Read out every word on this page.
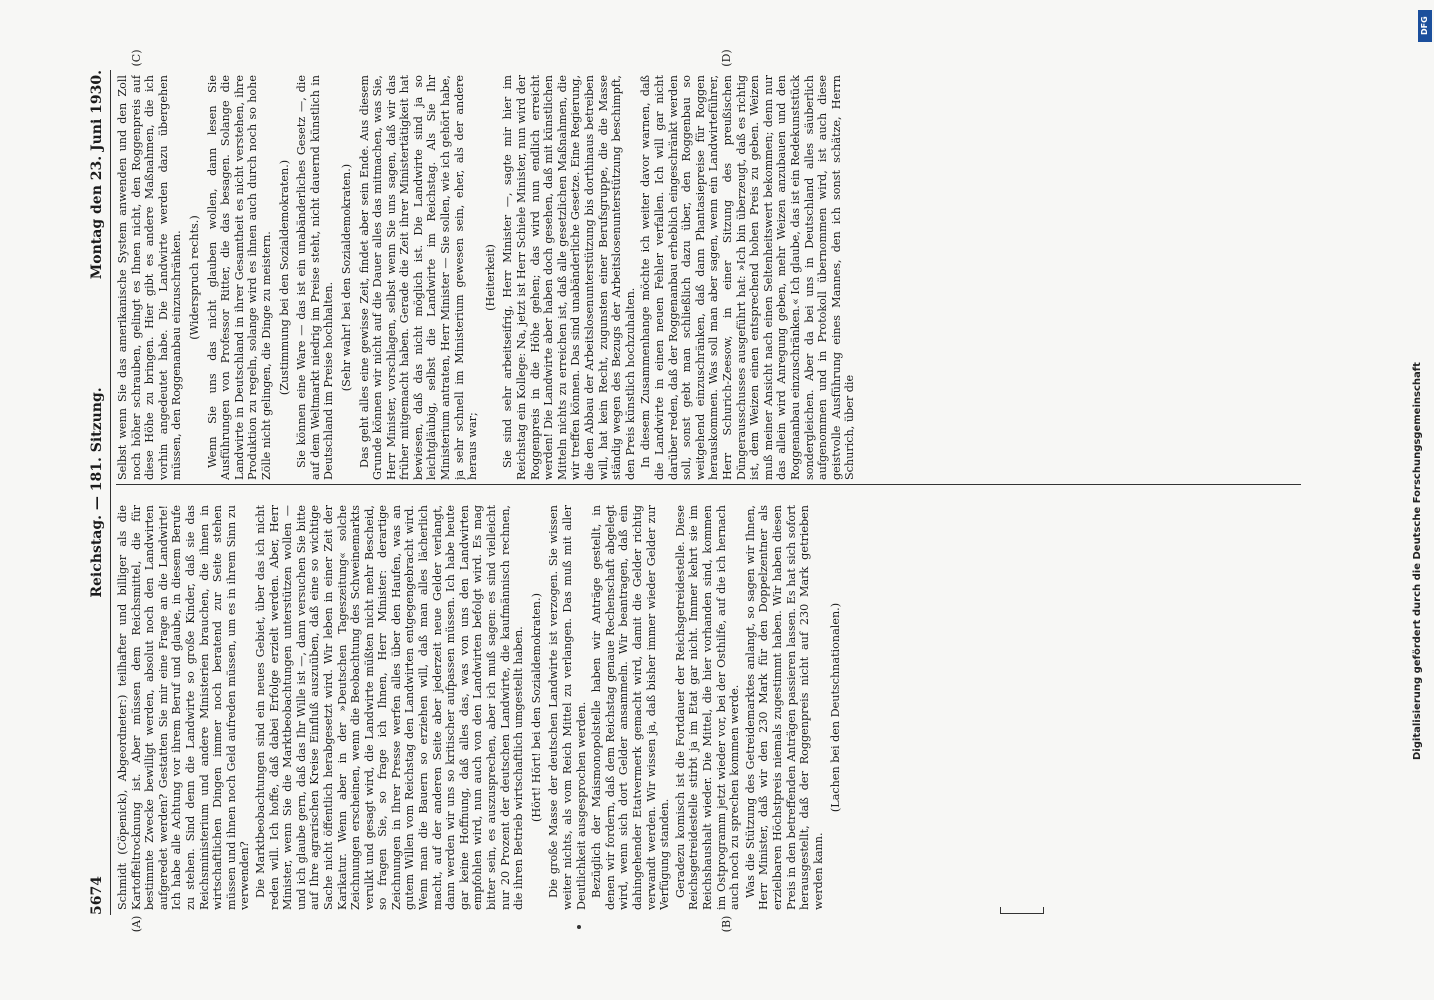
5674
Reichstag. — 181. Sitzung.
Montag den 23. Juni 1930.
(A)	(B)
(C)	(D)

Schmidt (Cöpenick), Abgeordneter:) teilhafter und billiger als die Kartoffeltrocknung ist. Aber müssen dem Reichsmittel, die für bestimmte Zwecke bewilligt werden, absolut noch den Landwirten aufgeredet werden? Gestatten Sie mir eine Frage an die Landwirte! Ich habe alle Achtung vor ihrem Beruf und glaube, in diesem Berufe zu stehen. Sind denn die Landwirte so große Kinder, daß sie das Reichsministerium und andere Ministerien brauchen, die ihnen in wirtschaftlichen Dingen immer noch beratend zur Seite stehen müssen und ihnen noch Geld aufreden müssen, um es in ihrem Sinn zu verwenden? Die Marktbeobachtungen sind ein neues Gebiet, über das ich nicht reden will. Ich hoffe, daß dabei Erfolge erzielt werden. Aber, Herr Minister, wenn Sie die Marktbeobachtungen unterstützen wollen — und ich glaube gern, daß das Ihr Wille ist —, dann versuchen Sie bitte auf Ihre agrarischen Kreise Einfluß auszuüben, daß eine so wichtige Sache nicht öffentlich herabgesetzt wird. Wir leben in einer Zeit der Karikatur. Wenn aber in der »Deutschen Tageszeitung« solche Zeichnungen erscheinen, wenn die Beobachtung des Schweinemarkts verulkt und gesagt wird, die Landwirte müßten nicht mehr Bescheid, so fragen Sie, so frage ich Ihnen, Herr Minister: derartige Zeichnungen in Ihrer Presse werfen alles über den Haufen, was an gutem Willen vom Reichstag den Landwirten entgegengebracht wird. Wenn man die Bauern so erziehen will, daß man alles lächerlich macht, auf der anderen Seite aber jederzeit neue Gelder verlangt, dann werden wir uns so kritischer aufpassen müssen. Ich habe heute gar keine Hoffnung, daß alles das, was von uns den Landwirten empfohlen wird, nun auch von den Landwirten befolgt wird. Es mag bitter sein, es auszusprechen, aber ich muß sagen: es sind vielleicht nur 20 Prozent der deutschen Landwirte, die kaufmännisch rechnen, die ihren Betrieb wirtschaftlich umgestellt haben. (Hört! Hört! bei den Sozialdemokraten.) Die große Masse der deutschen Landwirte ist verzogen. Sie wissen weiter nichts, als vom Reich Mittel zu verlangen. Das muß mit aller Deutlichkeit ausgesprochen werden. Bezüglich der Maismonopolstelle haben wir Anträge gestellt, in denen wir fordern, daß dem Reichstag genaue Rechenschaft abgelegt wird, wenn sich dort Gelder ansammeln. Wir beantragen, daß ein dahingehender Etatvermerk gemacht wird, damit die Gelder richtig verwandt werden. Wir wissen ja, daß bisher immer wieder Gelder zur Verfügung standen. Geradezu komisch ist die Fortdauer der Reichsgetreidestelle. Diese Reichsgetreidestelle stirbt ja im Etat gar nicht. Immer kehrt sie im Reichshaushalt wieder. Die Mittel, die hier vorhanden sind, kommen im Ostprogramm jetzt wieder vor, bei der Osthilfe, auf die ich hernach auch noch zu sprechen kommen werde. Was die Stützung des Getreidemarktes anlangt, so sagen wir Ihnen, Herr Minister, daß wir den 230 Mark für den Doppelzentner als erzielbaren Höchstpreis niemals zugestimmt haben. Wir haben diesen Preis in den betreffenden Anträgen passieren lassen. Es hat sich sofort herausgestellt, daß der Roggenpreis nicht auf 230 Mark getrieben werden kann.

(Lachen bei den Deutschnationalen.)

Selbst wenn Sie das amerikanische System anwenden und den Zoll noch höher schrauben, gelingt es Ihnen nicht, den Roggenpreis auf diese Höhe zu bringen. Hier gibt es andere Maßnahmen, die ich vorhin angedeutet habe. Die Landwirte werden dazu übergehen müssen, den Roggenanbau einzuschränken. (Widerspruch rechts.) Wenn Sie uns das nicht glauben wollen, dann lesen Sie Ausführungen von Professor Ritter, die das besagen. Solange die Landwirte in Deutschland in ihrer Gesamtheit es nicht verstehen, ihre Produktion zu regeln, solange wird es ihnen auch durch noch so hohe Zölle nicht gelingen, die Dinge zu meistern. (Zustimmung bei den Sozialdemokraten.) Sie können eine Ware — das ist ein unabänderliches Gesetz —, die auf dem Weltmarkt niedrig im Preise steht, nicht dauernd künstlich in Deutschland im Preise hochhalten. (Sehr wahr! bei den Sozialdemokraten.) Das geht alles eine gewisse Zeit, findet aber sein Ende. Aus diesem Grunde können wir nicht auf die Dauer alles das mitmachen, was Sie, Herr Minister, vorschlagen, selbst wenn Sie uns sagen, daß wir das früher mitgemacht haben. Gerade die Zeit ihrer Ministertätigkeit hat bewiesen, daß das nicht möglich ist. Die Landwirte sind ja so leichtgläubig, selbst die Landwirte im Reichstag. Als Sie Ihr Ministerium antraten, Herr Minister — Sie sollen, wie ich gehört habe, ja sehr schnell im Ministerium gewesen sein, eher, als der andere heraus war;

(Heiterkeit) Sie sind sehr arbeitseifrig, Herr Minister —, sagte mir hier im Reichstag ein Kollege: Na, jetzt ist Herr Schiele Minister, nun wird der Roggenpreis in die Höhe gehen; das wird nun endlich erreicht werden! Die Landwirte aber haben doch gesehen, daß mit künstlichen Mitteln nichts zu erreichen ist, daß alle gesetzlichen Maßnahmen, die wir treffen können. Das sind unabänderliche Gesetze. Eine Regierung, die den Abbau der Arbeitslosenunterstützung bis dorthinaus betreiben will, hat kein Recht, zugunsten einer Berufsgruppe, die die Masse ständig wegen des Bezugs der Arbeitslosenunterstützung beschimpft, den Preis künstlich hochzuhalten. In diesem Zusammenhange möchte ich weiter davor warnen, daß die Landwirte in einen neuen Fehler verfallen. Ich will gar nicht darüber reden, daß der Roggenanbau erheblich eingeschränkt werden soll, sonst gebt man schließlich dazu über, den Roggenbau so weitgehend einzuschränken, daß dann Phantasiepreise für Roggen herauskommen. Was soll man aber sagen, wenn ein Landwirteführer, Herr Schurich-Zeesow, in einer Sitzung des preußischen Düngerausschusses ausgeführt hat: »Ich bin überzeugt, daß es richtig ist, dem Weizen einen entsprechend hohen Preis zu geben. Weizen muß meiner Ansicht nach einen Seltenheitswert bekommen; denn nur das allein wird Anregung geben, mehr Weizen anzubauen und den Roggenanbau einzuschränken.« Ich glaube, das ist ein Redekunststück sondergleichen. Aber da bei uns in Deutschland alles säuberlich aufgenommen und in Protokoll übernommen wird, ist auch diese geistvolle Ausführung eines Mannes, den ich sonst schätze, Herrn Schurich, über die	Digitalisierung gefördert durch die Deutsche Forschungsgemeinschaft
DFG
